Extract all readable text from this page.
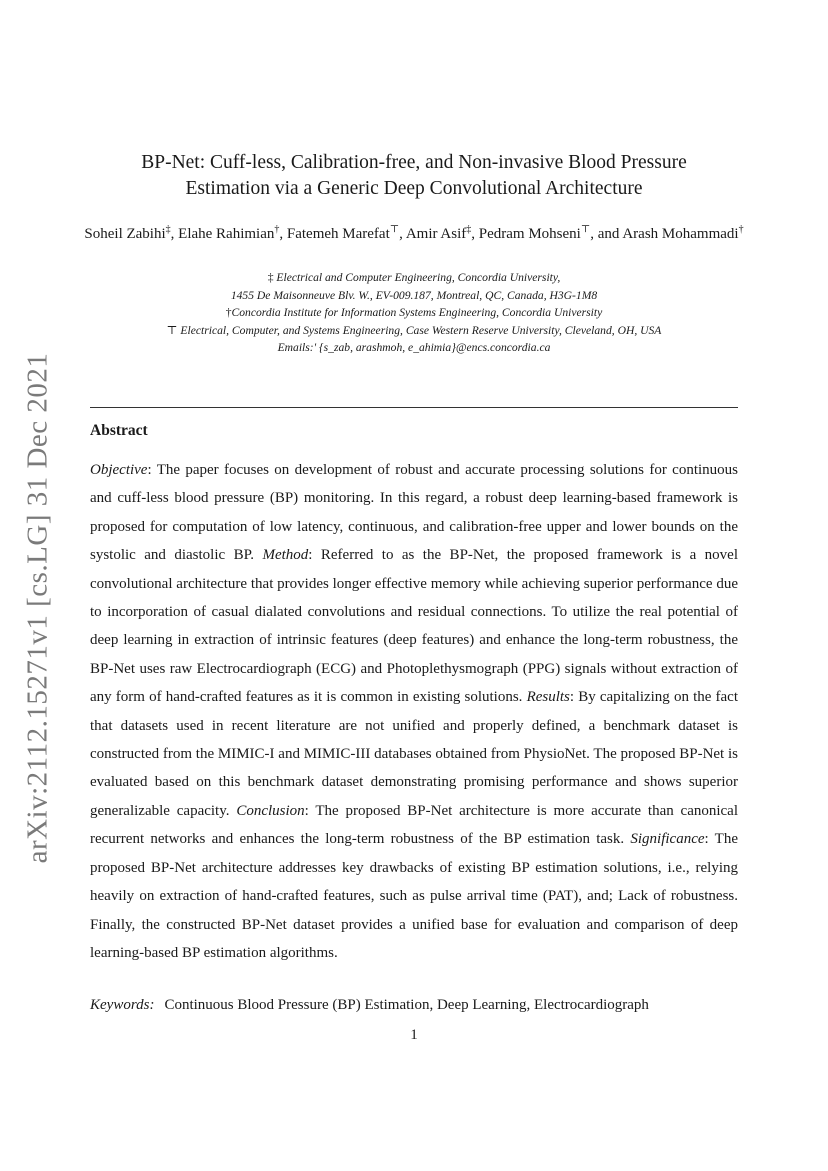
arXiv:2112.15271v1 [cs.LG] 31 Dec 2021
BP-Net: Cuff-less, Calibration-free, and Non-invasive Blood Pressure
Estimation via a Generic Deep Convolutional Architecture
Soheil Zabihi‡, Elahe Rahimian†, Fatemeh Marefat⊤, Amir Asif‡, Pedram Mohseni⊤, and Arash Mohammadi†
‡ Electrical and Computer Engineering, Concordia University,
1455 De Maisonneuve Blv. W., EV-009.187, Montreal, QC, Canada, H3G-1M8
†Concordia Institute for Information Systems Engineering, Concordia University
⊤ Electrical, Computer, and Systems Engineering, Case Western Reserve University, Cleveland, OH, USA
Emails:' {s_zab, arashmoh, e_ahimia}@encs.concordia.ca
Abstract

Objective: The paper focuses on development of robust and accurate processing solutions for continuous and cuff-less blood pressure (BP) monitoring. In this regard, a robust deep learning-based framework is proposed for computation of low latency, continuous, and calibration-free upper and lower bounds on the systolic and diastolic BP. Method: Referred to as the BP-Net, the proposed framework is a novel convolutional architecture that provides longer effective memory while achieving superior performance due to incorporation of casual dialated convolutions and residual connections. To utilize the real potential of deep learning in extraction of intrinsic features (deep features) and enhance the long-term robustness, the BP-Net uses raw Electrocardiograph (ECG) and Photoplethysmograph (PPG) signals without extraction of any form of hand-crafted features as it is common in existing solutions. Results: By capitalizing on the fact that datasets used in recent literature are not unified and properly defined, a benchmark dataset is constructed from the MIMIC-I and MIMIC-III databases obtained from PhysioNet. The proposed BP-Net is evaluated based on this benchmark dataset demonstrating promising performance and shows superior generalizable capacity. Conclusion: The proposed BP-Net architecture is more accurate than canonical recurrent networks and enhances the long-term robustness of the BP estimation task. Significance: The proposed BP-Net architecture addresses key drawbacks of existing BP estimation solutions, i.e., relying heavily on extraction of hand-crafted features, such as pulse arrival time (PAT), and; Lack of robustness. Finally, the constructed BP-Net dataset provides a unified base for evaluation and comparison of deep learning-based BP estimation algorithms.

Keywords: Continuous Blood Pressure (BP) Estimation, Deep Learning, Electrocardiograph
1
